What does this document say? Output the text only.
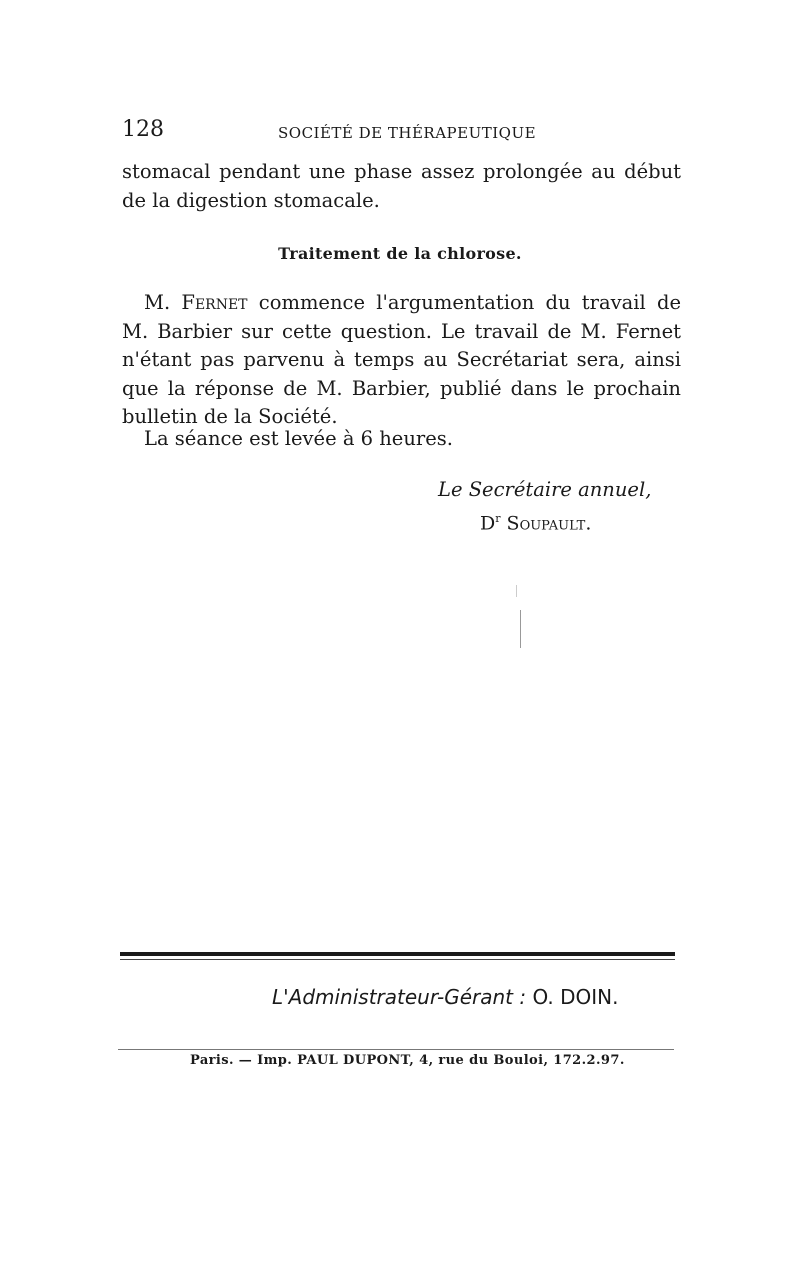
128	SOCIÉTÉ DE THÉRAPEUTIQUE
stomacal pendant une phase assez prolongée au début de la digestion stomacale.
Traitement de la chlorose.
M. Fernet commence l'argumentation du travail de M. Barbier sur cette question. Le travail de M. Fernet n'étant pas parvenu à temps au Secrétariat sera, ainsi que la réponse de M. Barbier, publié dans le prochain bulletin de la Société.
La séance est levée à 6 heures.
Le Secrétaire annuel,
$D^r$ Soupault.
L'Administrateur-Gérant : O. DOIN.
Paris. — Imp. PAUL DUPONT, 4, rue du Bouloi, 172.2.97.
